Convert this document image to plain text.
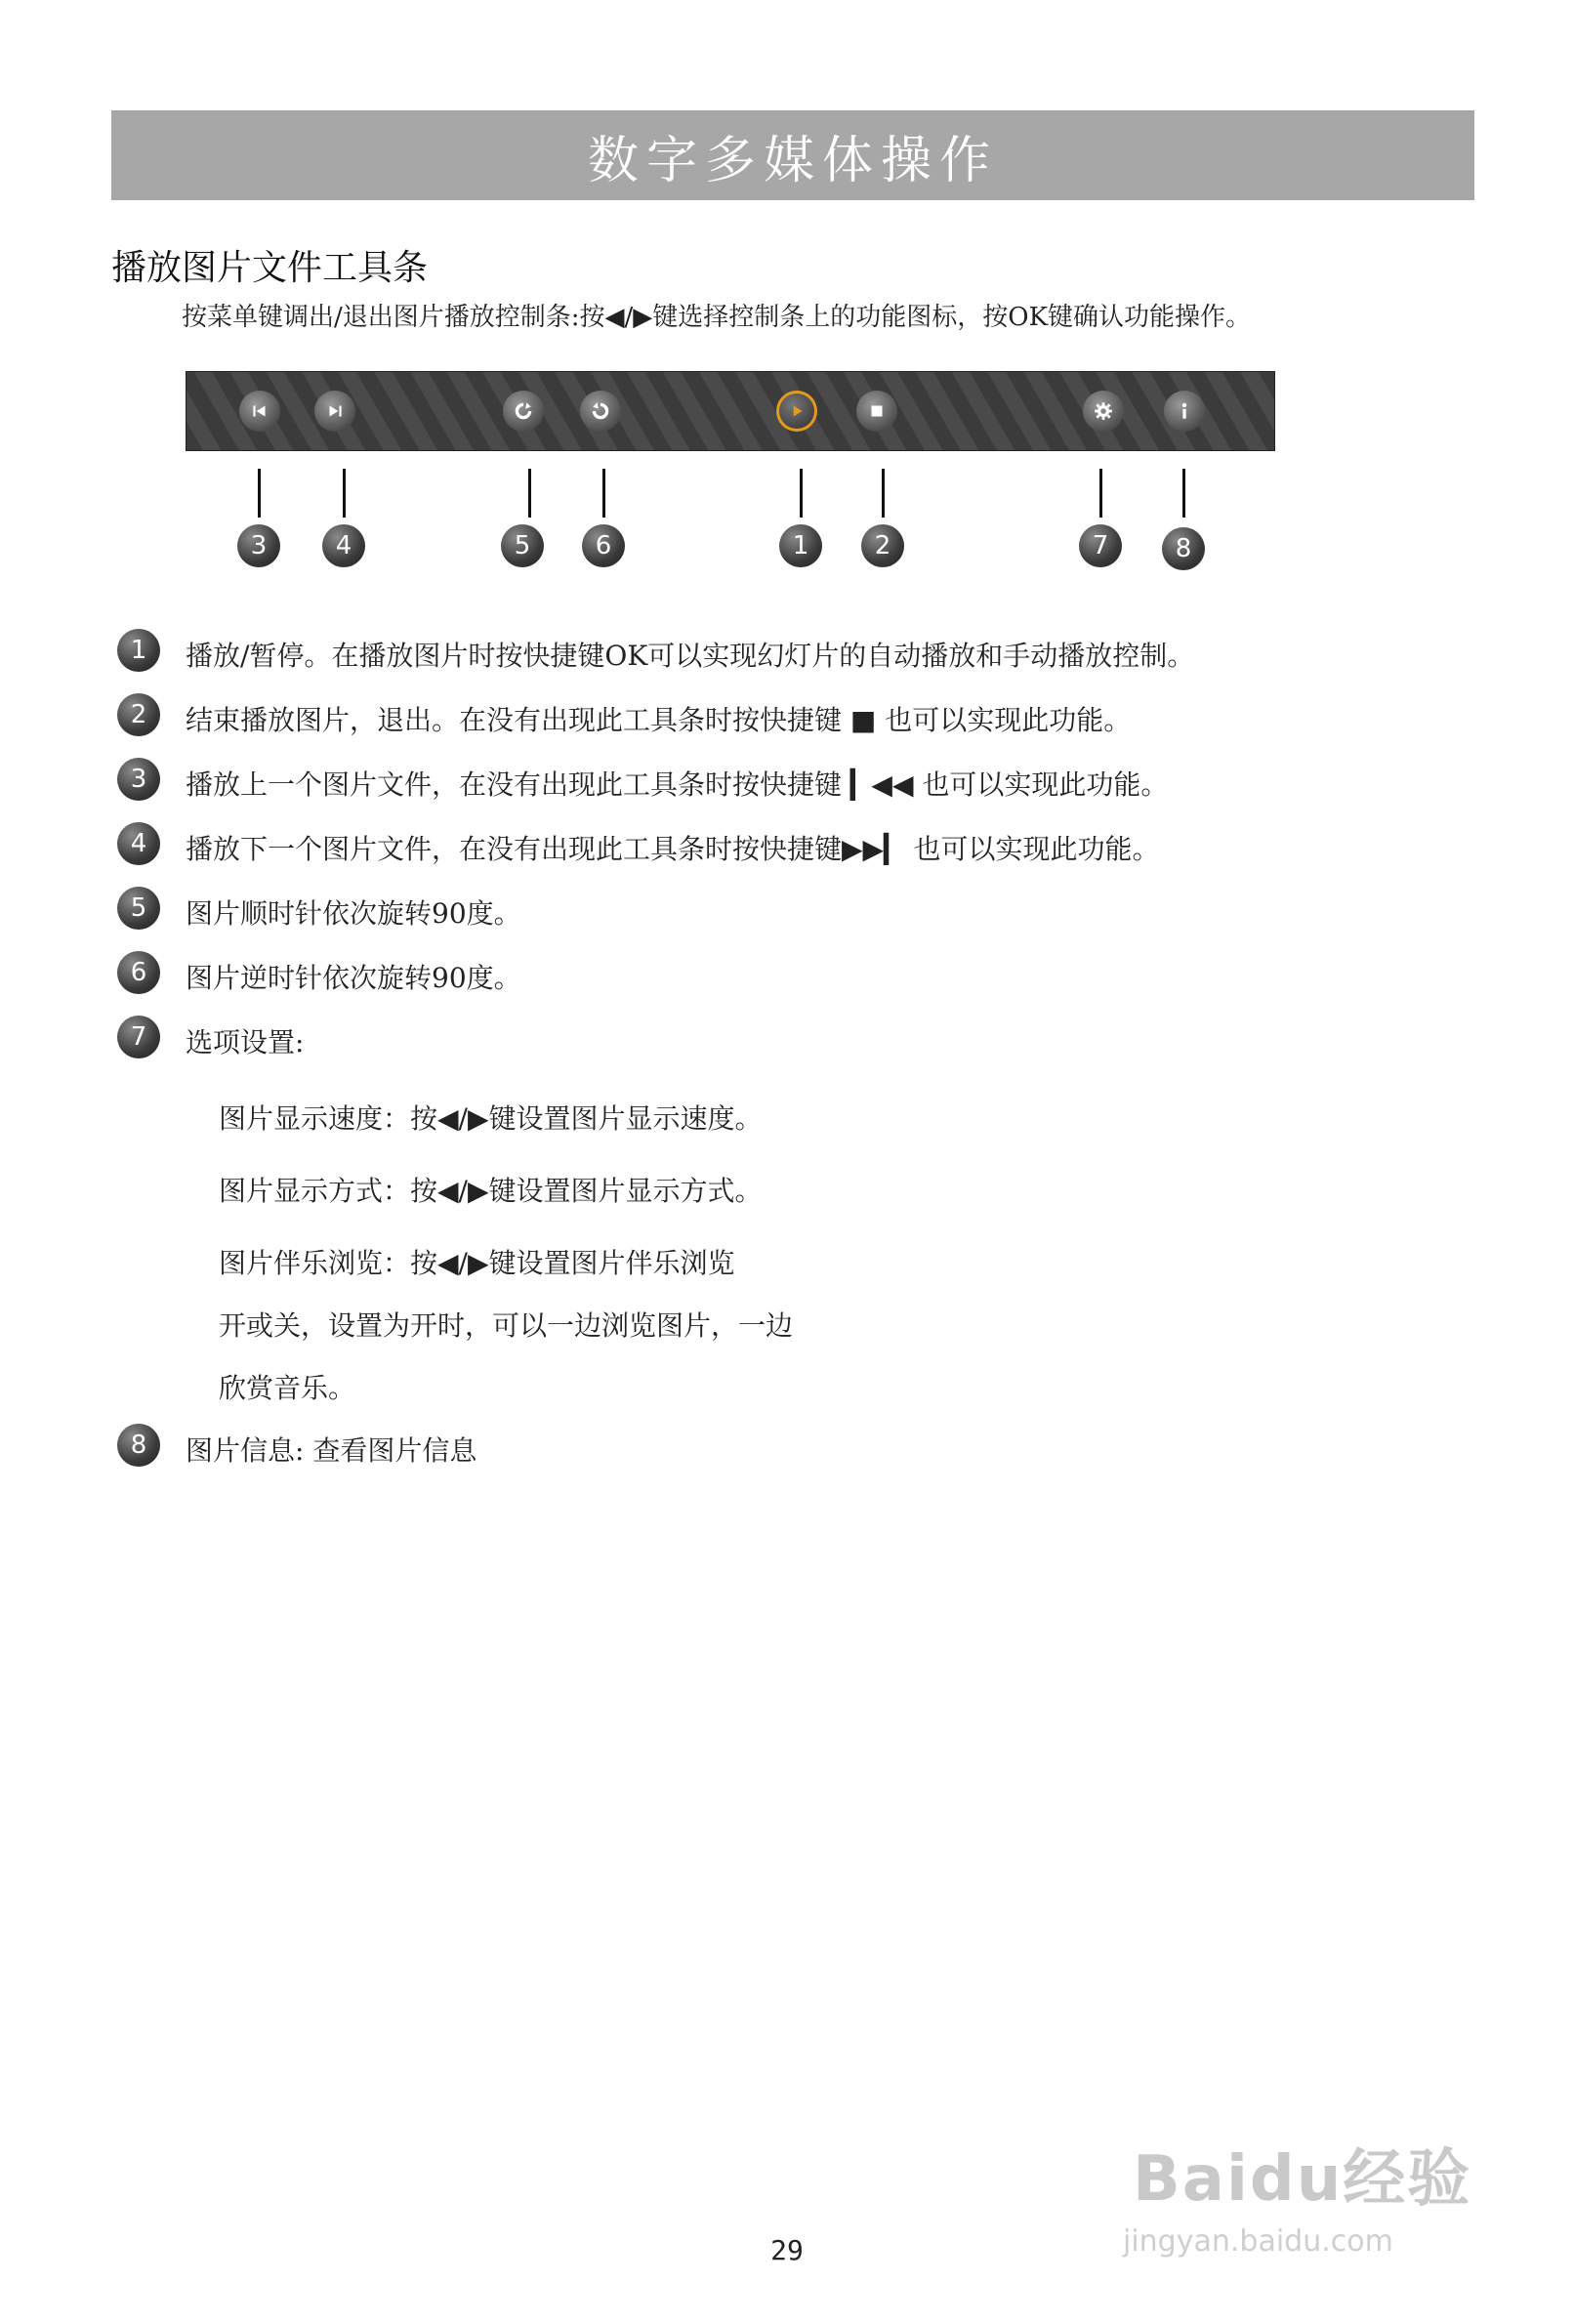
数字多媒体操作
播放图片文件工具条
按菜单键调出/退出图片播放控制条:按◀/▶键选择控制条上的功能图标，按OK键确认功能操作。
3	4	5	6	1	2	7	8
1	播放/暂停。在播放图片时按快捷键OK可以实现幻灯片的自动播放和手动播放控制。
2	结束播放图片，退出。在没有出现此工具条时按快捷键 ■ 也可以实现此功能。
3	播放上一个图片文件，在没有出现此工具条时按快捷键 ▎◀◀ 也可以实现此功能。
4	播放下一个图片文件，在没有出现此工具条时按快捷键▶▶▎ 也可以实现此功能。
5	图片顺时针依次旋转90度。
6	图片逆时针依次旋转90度。
7	选项设置:
8	图片信息: 查看图片信息
图片显示速度：按◀/▶键设置图片显示速度。
图片显示方式：按◀/▶键设置图片显示方式。
图片伴乐浏览：按◀/▶键设置图片伴乐浏览
开或关，设置为开时，可以一边浏览图片，一边
欣赏音乐。
29
Baidu经验
jingyan.baidu.com
